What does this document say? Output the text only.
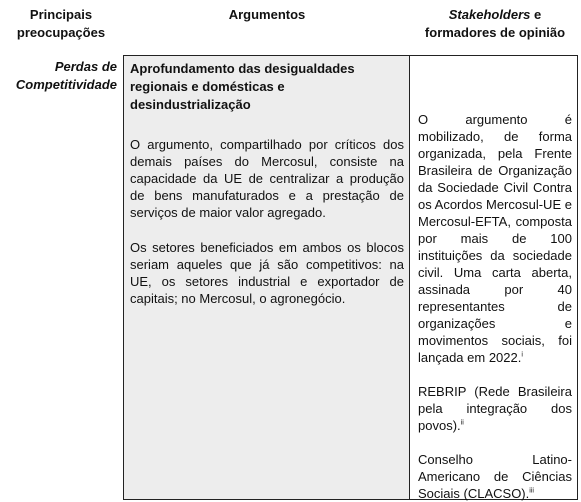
Principais preocupações
Argumentos	Stakeholders e formadores de opinião
Perdas de Competitividade
Aprofundamento das desigualdades regionais e domésticas e desindustrialização

O argumento, compartilhado por críticos dos demais países do Mercosul, consiste na capacidade da UE de centralizar a produção de bens manufaturados e a prestação de serviços de maior valor agregado.

Os setores beneficiados em ambos os blocos seriam aqueles que já são competitivos: na UE, os setores industrial e exportador de capitais; no Mercosul, o agronegócio.

O argumento é mobilizado, de forma organizada, pela Frente Brasileira de Organização da Sociedade Civil Contra os Acordos Mercosul-UE e Mercosul-EFTA, composta por mais de 100 instituições da sociedade civil. Uma carta aberta, assinada por 40 representantes de organizações e movimentos sociais, foi lançada em 2022.$^i$

REBRIP (Rede Brasileira pela integração dos povos).$^{ii}$

Conselho Latino-Americano de Ciências Sociais (CLACSO).$^{iii}$
